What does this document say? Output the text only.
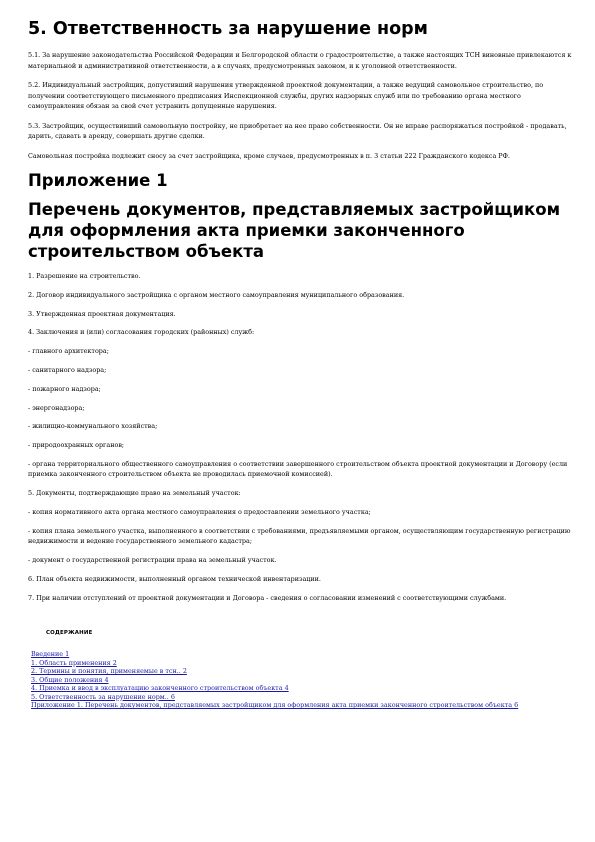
5. Ответственность за нарушение норм

5.1. За нарушение законодательства Российской Федерации и Белгородской области о градостроительстве, а также настоящих ТСН виновные привлекаются к материальной и административной ответственности, а в случаях, предусмотренных законом, и к уголовной ответственности.

5.2. Индивидуальный застройщик, допустивший нарушения утвержденной проектной документации, а также ведущий самовольное строительство, по получении соответствующего письменного предписания Инспекционной службы, других надзорных служб или по требованию органа местного самоуправления обязан за свой счет устранить допущенные нарушения.

5.3. Застройщик, осуществивший самовольную постройку, не приобретает на нее право собственности. Он не вправе распоряжаться постройкой - продавать, дарить, сдавать в аренду, совершать другие сделки.

Самовольная постройка подлежит сносу за счет застройщика, кроме случаев, предусмотренных в п. 3 статьи 222 Гражданского кодекса РФ.

Приложение 1
Перечень документов, представляемых застройщиком для оформления акта приемки законченного строительством объекта

1. Разрешение на строительство.

2. Договор индивидуального застройщика с органом местного самоуправления муниципального образования.

3. Утвержденная проектная документация.

4. Заключения и (или) согласования городских (районных) служб:

- главного архитектора;

- санитарного надзора;

- пожарного надзора;

- энергонадзора;

- жилищно-коммунального хозяйства;

- природоохранных органов;

- органа территориального общественного самоуправления о соответствии завершенного строительством объекта проектной документации и Договору (если приемка законченного строительством объекта не проводилась приемочной комиссией).

5. Документы, подтверждающие право на земельный участок:

- копия нормативного акта органа местного самоуправления о предоставлении земельного участка;

- копия плана земельного участка, выполненного в соответствии с требованиями, предъявляемыми органом, осуществляющим государственную регистрацию недвижимости и ведение государственного земельного кадастра;

- документ о государственной регистрации права на земельный участок.

6. План объекта недвижимости, выполненный органом технической инвентаризации.

7. При наличии отступлений от проектной документации и Договора - сведения о согласовании изменений с соответствующими службами.

СОДЕРЖАНИЕ
Введение 1
1. Область применения 2
2. Термины и понятия, применяемые в тсн.. 2
3. Общие положения 4
4. Приемка и ввод в эксплуатацию законченного строительством объекта 4
5. Ответственность за нарушение норм.. 6
Приложение 1. Перечень документов, представляемых застройщиком для оформления акта приемки законченного строительством объекта 6
